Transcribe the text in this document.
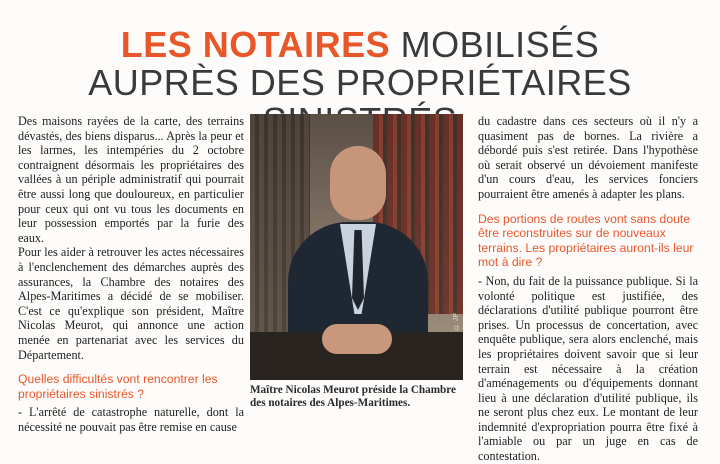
LES NOTAIRES MOBILISÉS
AUPRÈS DES PROPRIÉTAIRES

Des maisons rayées de la carte, des terrains dévastés, des biens disparus... Après la peur et les larmes, les intempéries du 2 octobre contraignent désormais les propriétaires des vallées à un périple administratif qui pourrait être aussi long que douloureux, en particulier pour ceux qui ont vu tous les documents en leur possession emportés par la furie des eaux.

Pour les aider à retrouver les actes nécessaires à l'enclenchement des démarches auprès des assurances, la Chambre des notaires des Alpes-Maritimes a décidé de se mobiliser. C'est ce qu'explique son président, Maître Nicolas Meurot, qui annonce une action menée en partenariat avec les services du Département.

Quelles difficultés vont rencontrer les propriétaires sinistrés ?

- L'arrêté de catastrophe naturelle, dont la nécessité ne pouvait pas être remise en cause

© JP
Maître Nicolas Meurot préside la Chambre des notaires des Alpes-Maritimes.

du cadastre dans ces secteurs où il n'y a quasiment pas de bornes. La rivière a débordé puis s'est retirée. Dans l'hypothèse où serait observé un dévoiement manifeste d'un cours d'eau, les services fonciers pourraient être amenés à adapter les plans.

Des portions de routes vont sans doute être reconstruites sur de nouveaux terrains. Les propriétaires auront-ils leur mot à dire ?

- Non, du fait de la puissance publique. Si la volonté politique est justifiée, des déclarations d'utilité publique pourront être prises. Un processus de concertation, avec enquête publique, sera alors enclenché, mais les propriétaires doivent savoir que si leur terrain est nécessaire à la création d'aménagements ou d'équipements donnant lieu à une déclaration d'utilité publique, ils ne seront plus chez eux. Le montant de leur indemnité d'expropriation pourra être fixé à l'amiable ou par un juge en cas de contestation.
